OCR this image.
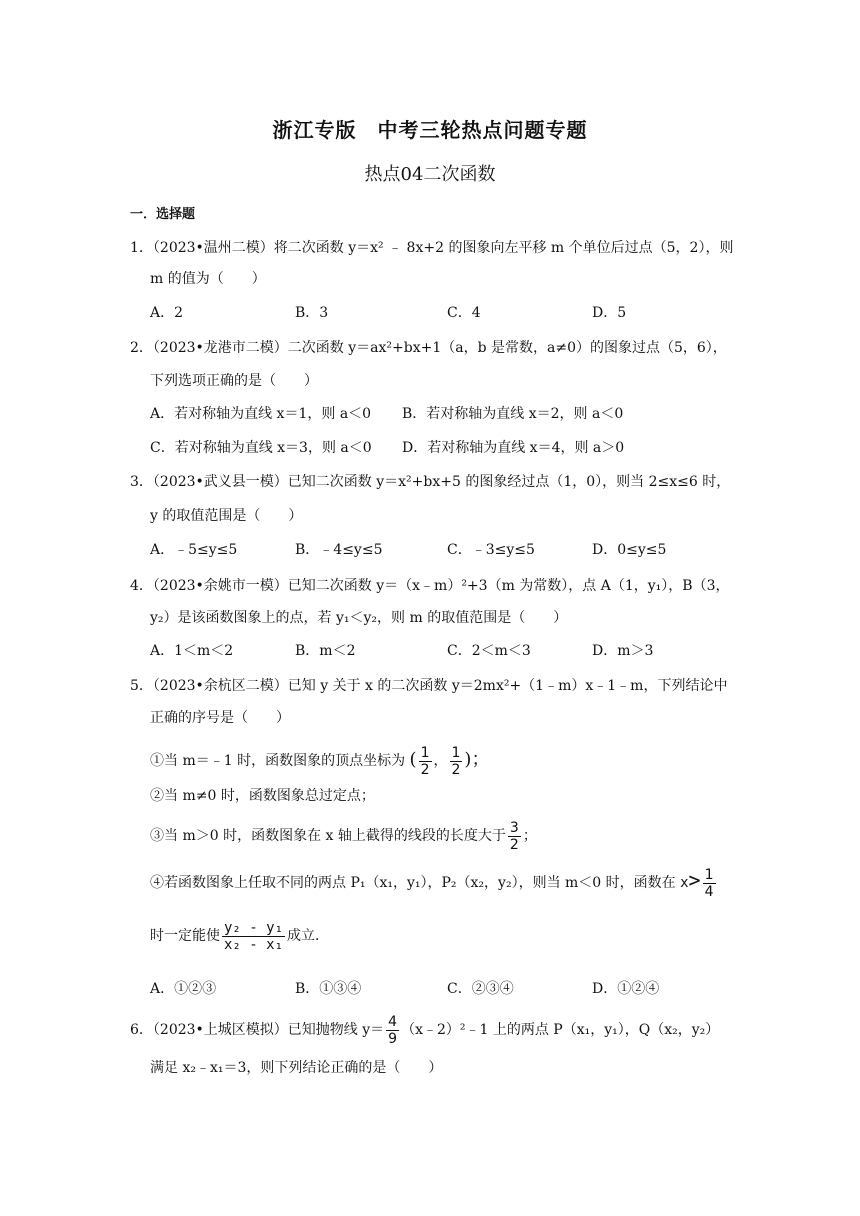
浙江专版　中考三轮热点问题专题
热点04二次函数
一．选择题
1．（2023•温州二模）将二次函数 y＝x² ﹣ 8x+2 的图象向左平移 m 个单位后过点（5，2），则
m 的值为（　　）
A．2	B．3	C．4	D．5
2．（2023•龙港市二模）二次函数 y＝ax²+bx+1（a，b 是常数，a≠0）的图象过点（5，6），
下列选项正确的是（　　）
A．若对称轴为直线 x＝1，则 a＜0 B．若对称轴为直线 x＝2，则 a＜0
C．若对称轴为直线 x＝3，则 a＜0 D．若对称轴为直线 x＝4，则 a＞0
3．（2023•武义县一模）已知二次函数 y＝x²+bx+5 的图象经过点（1，0），则当 2≤x≤6 时，
y 的取值范围是（　　）
A．﹣5≤y≤5	B．﹣4≤y≤5	C．﹣3≤y≤5	D．0≤y≤5
4．（2023•余姚市一模）已知二次函数 y＝（x﹣m）²+3（m 为常数），点 A（1，y₁），B（3，
y₂）是该函数图象上的点，若 y₁＜y₂，则 m 的取值范围是（　　）
A．1＜m＜2	B．m＜2	C．2＜m＜3	D．m＞3
5．（2023•余杭区二模）已知 y 关于 x 的二次函数 y＝2mx²+（1﹣m）x﹣1﹣m，下列结论中
正确的序号是（　　）
①当 m＝﹣1 时，函数图象的顶点坐标为 ( $\frac{1}{2}$ ， $\frac{1}{2}$ )；
②当 m≠0 时，函数图象总过定点；
③当 m＞0 时，函数图象在 x 轴上截得的线段的长度大于 $\frac{3}{2}$ ；
④若函数图象上任取不同的两点 P₁（x₁，y₁），P₂（x₂，y₂），则当 m＜0 时，函数在 $x> \frac{1}{4}$
时一定能使 $\frac{\text{y₂ - y₁}}{\text{x₂ - x₁}}$ 成立．
A．①②③	B．①③④	C．②③④	D．①②④
6．（2023•上城区模拟）已知抛物线 $y= \frac{4}{9}$ （x﹣2）²﹣1 上的两点 P（x₁，y₁），Q（x₂，y₂）
满足 x₂﹣x₁＝3，则下列结论正确的是（　　）
